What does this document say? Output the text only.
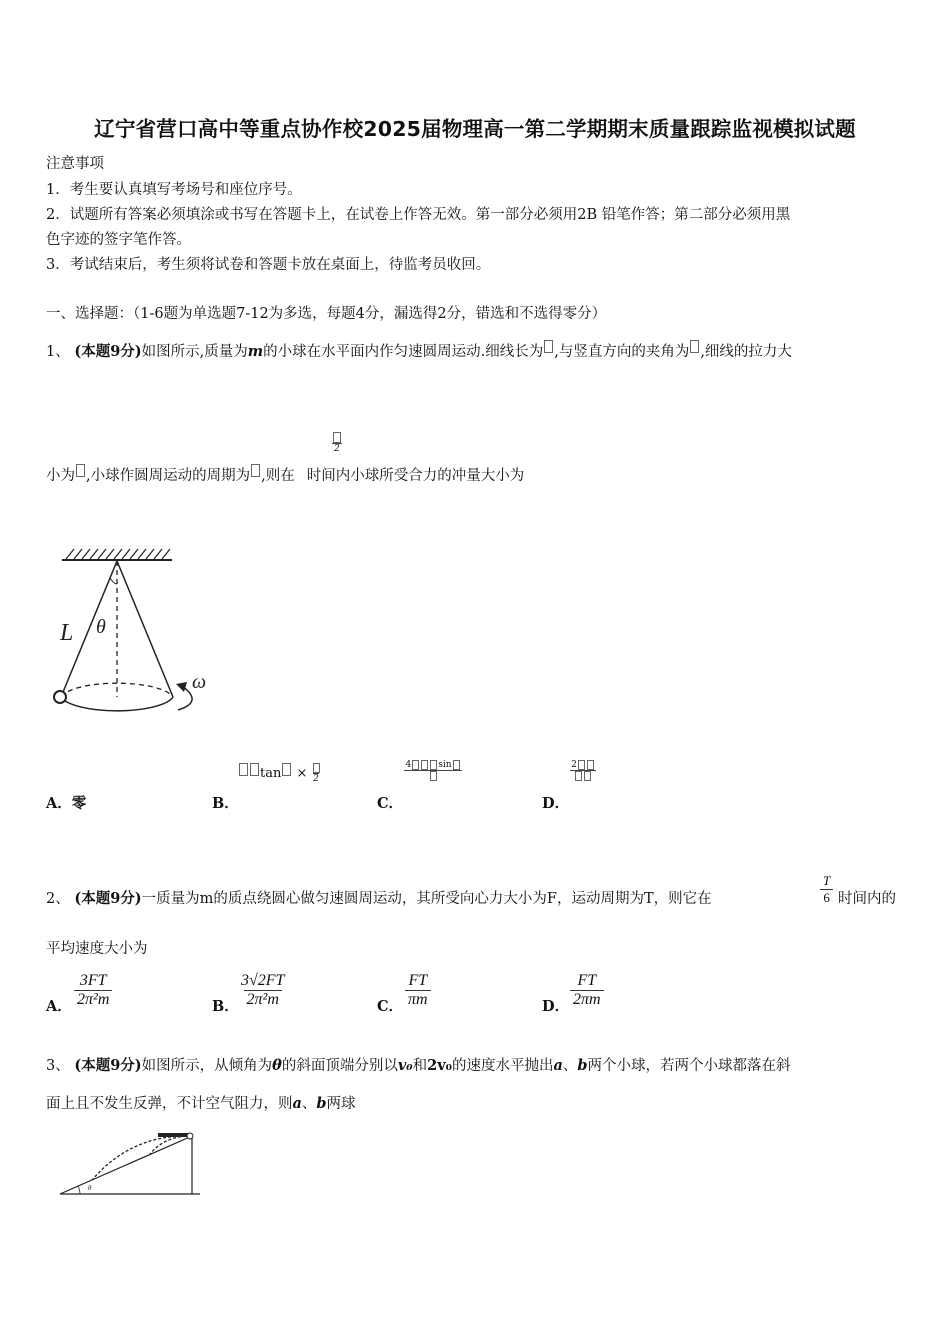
辽宁省营口高中等重点协作校2025届物理高一第二学期期末质量跟踪监视模拟试题
注意事项
1．考生要认真填写考场号和座位序号。
2．试题所有答案必须填涂或书写在答题卡上，在试卷上作答无效。第一部分必须用2B 铅笔作答；第二部分必须用黑
色字迹的签字笔作答。
3．考试结束后，考生须将试卷和答题卡放在桌面上，待监考员收回。
一、选择题：（1-6题为单选题7-12为多选，每题4分，漏选得2分，错选和不选得零分）
1、 (本题9分)如图所示,质量为m的小球在水平面内作匀速圆周运动.细线长为 ,与竖直方向的夹角为 ,细线的拉力大
2
小为 ,小球作圆周运动的周期为 ,则在 时间内小球所受合力的冲量大小为
L θ
ω
A．零	B．
tan × 2
C．
4	sin
D．
2
2、 (本题9分)一质量为m的质点绕圆心做匀速圆周运动，其所受向心力大小为F，运动周期为T，则它在	$\frac{T}{6}$ 时间内的
平均速度大小为
A． $\frac{3FT}{\text{2π²m}}$	B． $\frac{3√2FT}{\text{2π²m}}$	C． $\frac{FT}{\pi m}$	D． $\frac{FT}{2\pi m}$
3、 (本题9分)如图所示，从倾角为θ的斜面顶端分别以v₀和2v₀的速度水平抛出a、b两个小球，若两个小球都落在斜
面上且不发生反弹，不计空气阻力，则a、b两球
θ
